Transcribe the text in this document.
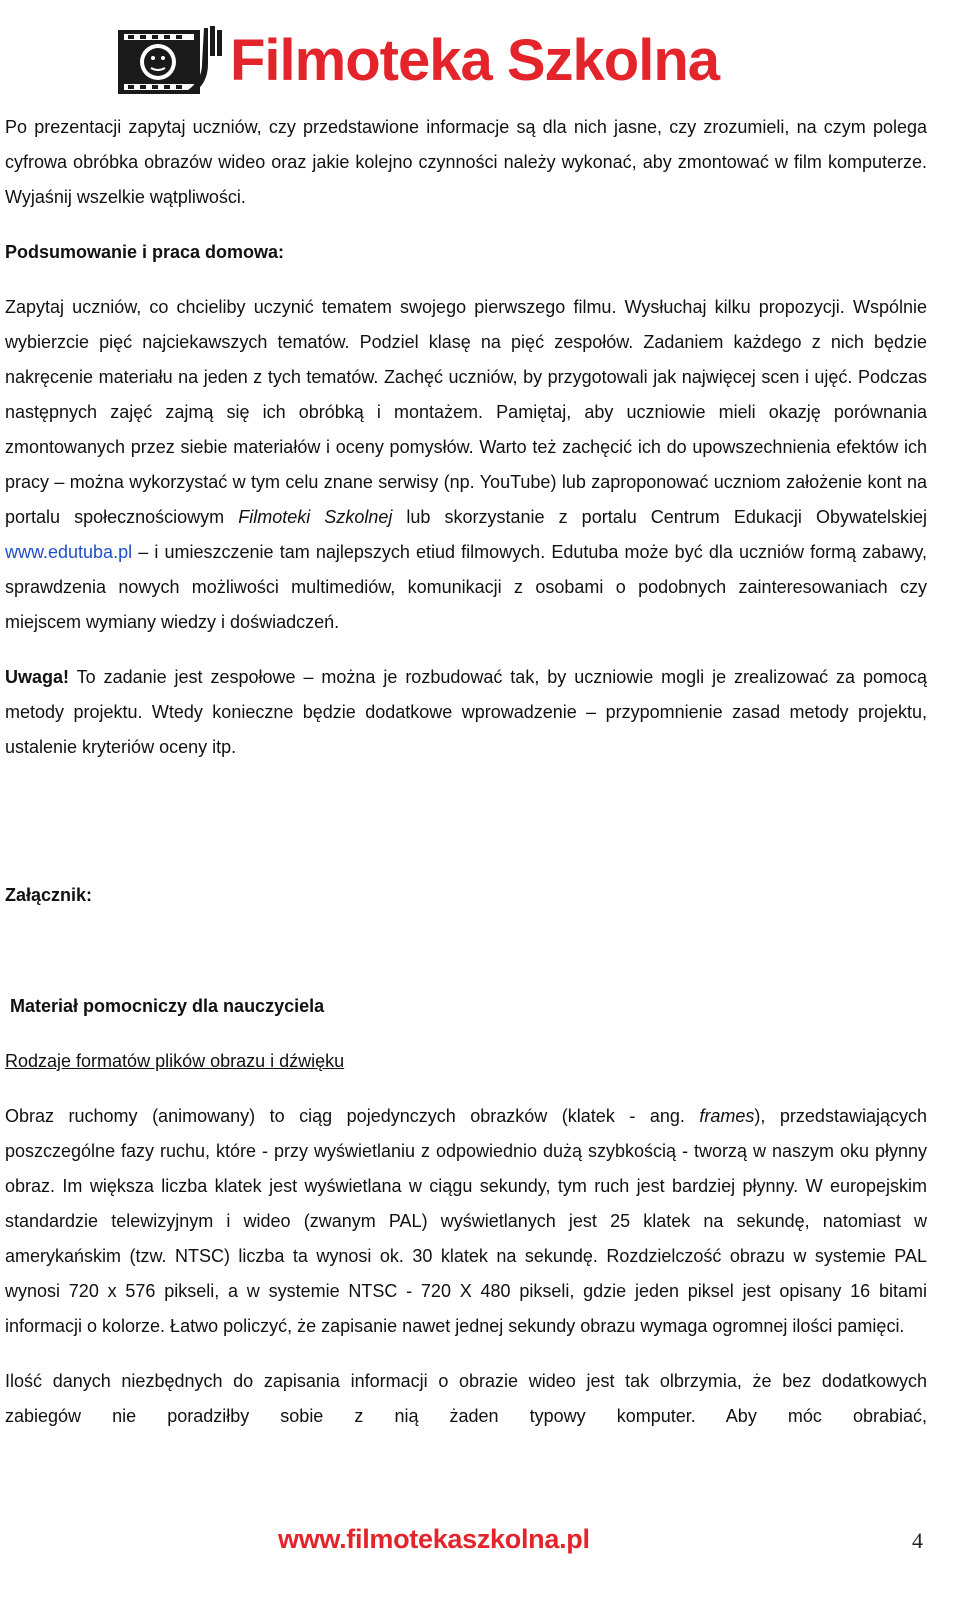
Filmoteka Szkolna

Po prezentacji zapytaj uczniów, czy przedstawione informacje są dla nich jasne, czy zrozumieli, na czym polega cyfrowa obróbka obrazów wideo oraz jakie kolejno czynności należy wykonać, aby zmontować w film komputerze. Wyjaśnij wszelkie wątpliwości.

Podsumowanie i praca domowa:

Zapytaj uczniów, co chcieliby uczynić tematem swojego pierwszego filmu. Wysłuchaj kilku propozycji. Wspólnie wybierzcie pięć najciekawszych tematów. Podziel klasę na pięć zespołów. Zadaniem każdego z nich będzie nakręcenie materiału na jeden z tych tematów. Zachęć uczniów, by przygotowali jak najwięcej scen i ujęć. Podczas następnych zajęć zajmą się ich obróbką i montażem. Pamiętaj, aby uczniowie mieli okazję porównania zmontowanych przez siebie materiałów i oceny pomysłów. Warto też zachęcić ich do upowszechnienia efektów ich pracy – można wykorzystać w tym celu znane serwisy (np. YouTube) lub zaproponować uczniom założenie kont na portalu społecznościowym Filmoteki Szkolnej lub skorzystanie z portalu Centrum Edukacji Obywatelskiej www.edutuba.pl – i umieszczenie tam najlepszych etiud filmowych. Edutuba może być dla uczniów formą zabawy, sprawdzenia nowych możliwości multimediów, komunikacji z osobami o podobnych zainteresowaniach czy miejscem wymiany wiedzy i doświadczeń.

Uwaga! To zadanie jest zespołowe – można je rozbudować tak, by uczniowie mogli je zrealizować za pomocą metody projektu. Wtedy konieczne będzie dodatkowe wprowadzenie – przypomnienie zasad metody projektu, ustalenie kryteriów oceny itp.

Załącznik:

Materiał pomocniczy dla nauczyciela

Rodzaje formatów plików obrazu i dźwięku

Obraz ruchomy (animowany) to ciąg pojedynczych obrazków (klatek - ang. frames), przedstawiających poszczególne fazy ruchu, które - przy wyświetlaniu z odpowiednio dużą szybkością - tworzą w naszym oku płynny obraz. Im większa liczba klatek jest wyświetlana w ciągu sekundy, tym ruch jest bardziej płynny. W europejskim standardzie telewizyjnym i wideo (zwanym PAL) wyświetlanych jest 25 klatek na sekundę, natomiast w amerykańskim (tzw. NTSC) liczba ta wynosi ok. 30 klatek na sekundę. Rozdzielczość obrazu w systemie PAL wynosi 720 x 576 pikseli, a w systemie NTSC - 720 X 480 pikseli, gdzie jeden piksel jest opisany 16 bitami informacji o kolorze. Łatwo policzyć, że zapisanie nawet jednej sekundy obrazu wymaga ogromnej ilości pamięci.

Ilość danych niezbędnych do zapisania informacji o obrazie wideo jest tak olbrzymia, że bez dodatkowych zabiegów nie poradziłby sobie z nią żaden typowy komputer. Aby móc obrabiać,

www.filmotekaszkolna.pl	4
